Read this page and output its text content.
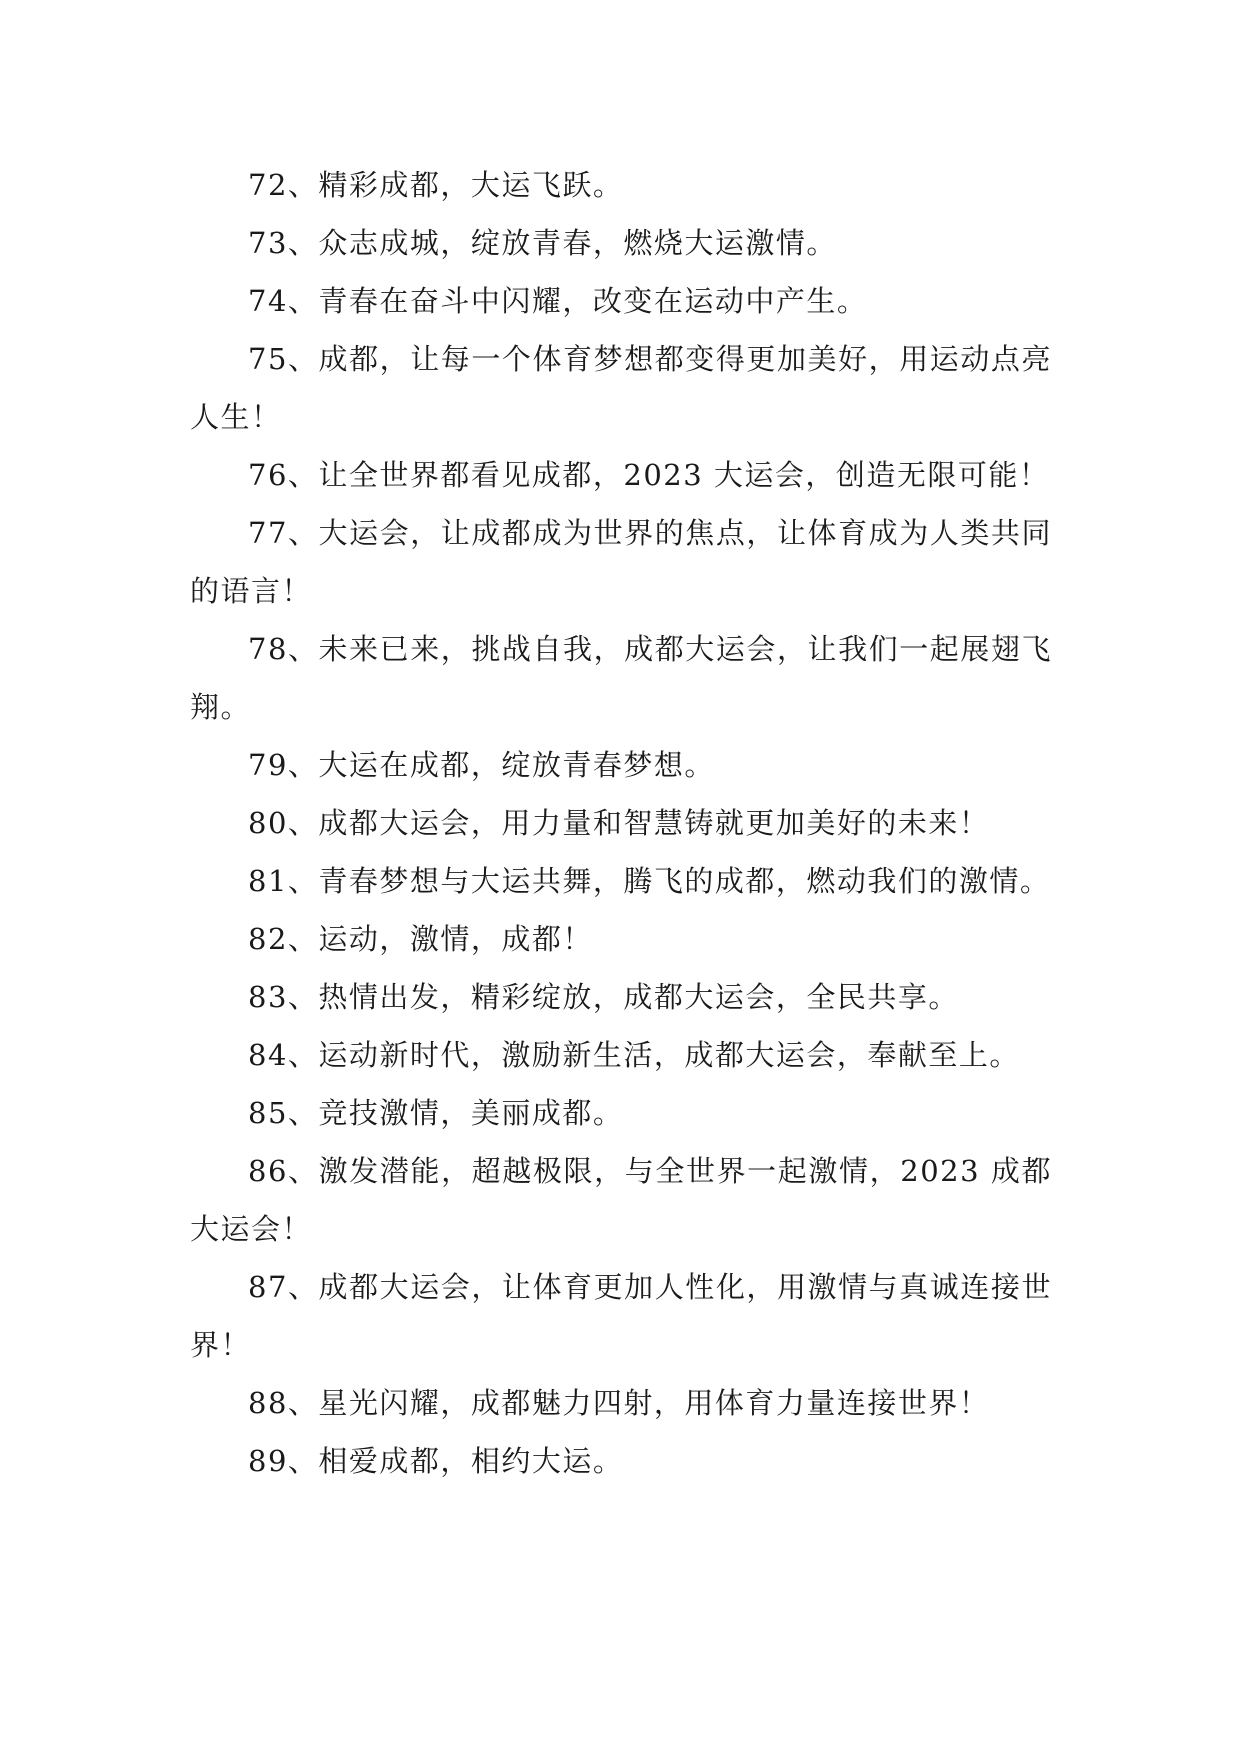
72、精彩成都，大运飞跃。

73、众志成城，绽放青春，燃烧大运激情。

74、青春在奋斗中闪耀，改变在运动中产生。

75、成都，让每一个体育梦想都变得更加美好，用运动点亮人生！

76、让全世界都看见成都，2023 大运会，创造无限可能！

77、大运会，让成都成为世界的焦点，让体育成为人类共同的语言！

78、未来已来，挑战自我，成都大运会，让我们一起展翅飞翔。

79、大运在成都，绽放青春梦想。

80、成都大运会，用力量和智慧铸就更加美好的未来！

81、青春梦想与大运共舞，腾飞的成都，燃动我们的激情。

82、运动，激情，成都！

83、热情出发，精彩绽放，成都大运会，全民共享。

84、运动新时代，激励新生活，成都大运会，奉献至上。

85、竞技激情，美丽成都。

86、激发潜能，超越极限，与全世界一起激情，2023 成都大运会！

87、成都大运会，让体育更加人性化，用激情与真诚连接世界！

88、星光闪耀，成都魅力四射，用体育力量连接世界！

89、相爱成都，相约大运。
